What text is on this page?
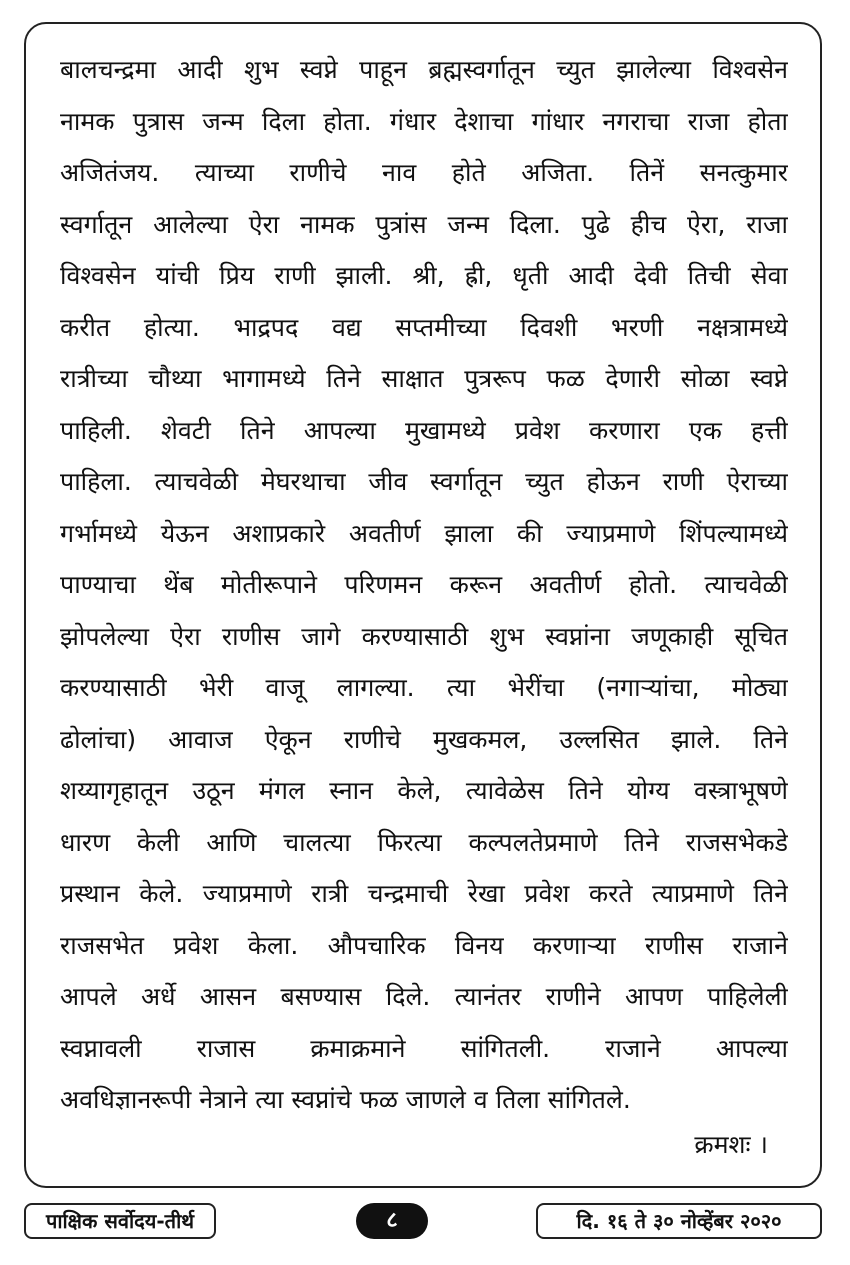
बालचन्द्रमा आदी शुभ स्वप्ने पाहून ब्रह्मस्वर्गातून च्युत झालेल्या विश्वसेन
नामक पुत्रास जन्म दिला होता. गंधार देशाचा गांधार नगराचा राजा होता
अजितंजय. त्याच्या राणीचे नाव होते अजिता. तिनें सनत्कुमार
स्वर्गातून आलेल्या ऐरा नामक पुत्रांस जन्म दिला. पुढे हीच ऐरा, राजा
विश्वसेन यांची प्रिय राणी झाली. श्री, ह्री, धृती आदी देवी तिची सेवा
करीत होत्या. भाद्रपद वद्य सप्तमीच्या दिवशी भरणी नक्षत्रामध्ये
रात्रीच्या चौथ्या भागामध्ये तिने साक्षात पुत्ररूप फळ देणारी सोळा स्वप्ने
पाहिली. शेवटी तिने आपल्या मुखामध्ये प्रवेश करणारा एक हत्ती
पाहिला. त्याचवेळी मेघरथाचा जीव स्वर्गातून च्युत होऊन राणी ऐराच्या
गर्भामध्ये येऊन अशाप्रकारे अवतीर्ण झाला की ज्याप्रमाणे शिंपल्यामध्ये
पाण्याचा थेंब मोतीरूपाने परिणमन करून अवतीर्ण होतो. त्याचवेळी
झोपलेल्या ऐरा राणीस जागे करण्यासाठी शुभ स्वप्नांना जणूकाही सूचित
करण्यासाठी भेरी वाजू लागल्या. त्या भेरींचा (नगाऱ्यांचा, मोठ्या
ढोलांचा) आवाज ऐकून राणीचे मुखकमल, उल्लसित झाले. तिने
शय्यागृहातून उठून मंगल स्नान केले, त्यावेळेस तिने योग्य वस्त्राभूषणे
धारण केली आणि चालत्या फिरत्या कल्पलतेप्रमाणे तिने राजसभेकडे
प्रस्थान केले. ज्याप्रमाणे रात्री चन्द्रमाची रेखा प्रवेश करते त्याप्रमाणे तिने
राजसभेत प्रवेश केला. औपचारिक विनय करणाऱ्या राणीस राजाने
आपले अर्धे आसन बसण्यास दिले. त्यानंतर राणीने आपण पाहिलेली
स्वप्नावली राजास क्रमाक्रमाने सांगितली. राजाने आपल्या
अवधिज्ञानरूपी नेत्राने त्या स्वप्नांचे फळ जाणले व तिला सांगितले.
क्रमशः ।
पाक्षिक सर्वोदय-तीर्थ	८	दि. १६ ते ३० नोव्हेंबर २०२०
